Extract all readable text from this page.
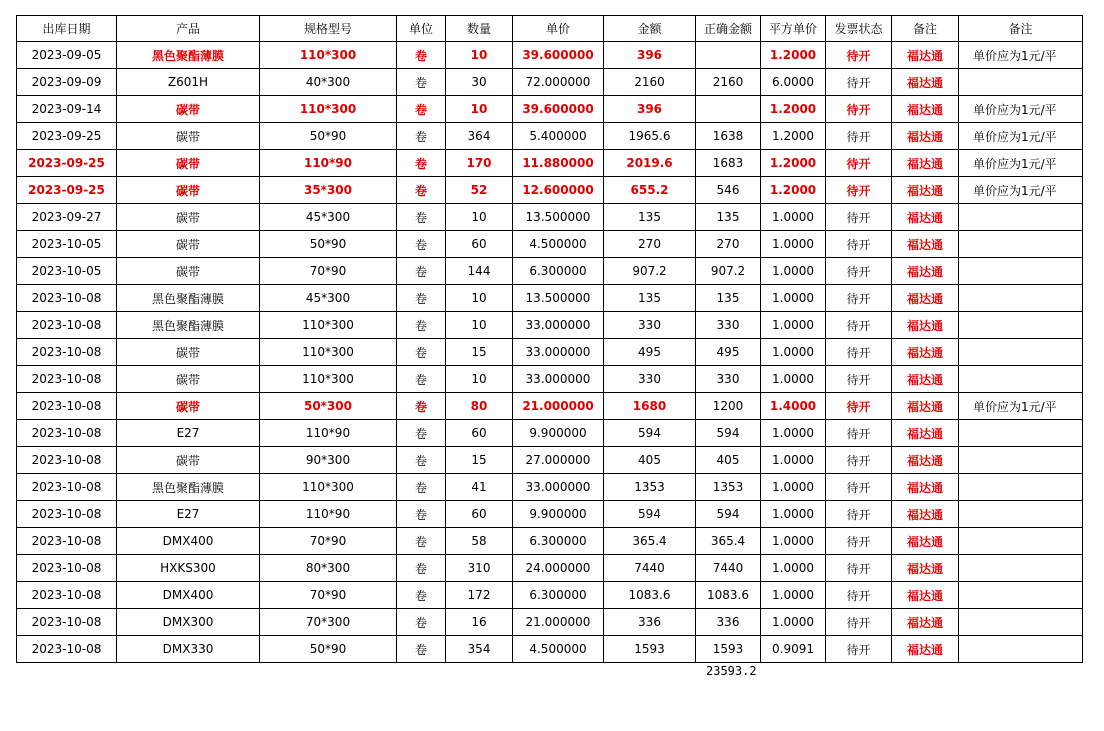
出库日期	产品	规格型号	单位	数量	单价	金额	正确金额	平方单价	发票状态	备注	备注
2023-09-05	黑色聚酯薄膜	110*300	卷	10	39.600000	396		1.2000	待开	福达通	单价应为1元/平
2023-09-09	Z601H	40*300	卷	30	72.000000	2160	2160	6.0000	待开	福达通	
2023-09-14	碳带	110*300	卷	10	39.600000	396		1.2000	待开	福达通	单价应为1元/平
2023-09-25	碳带	50*90	卷	364	5.400000	1965.6	1638	1.2000	待开	福达通	单价应为1元/平
2023-09-25	碳带	110*90	卷	170	11.880000	2019.6	1683	1.2000	待开	福达通	单价应为1元/平
2023-09-25	碳带	35*300	卷	52	12.600000	655.2	546	1.2000	待开	福达通	单价应为1元/平
2023-09-27	碳带	45*300	卷	10	13.500000	135	135	1.0000	待开	福达通	
2023-10-05	碳带	50*90	卷	60	4.500000	270	270	1.0000	待开	福达通	
2023-10-05	碳带	70*90	卷	144	6.300000	907.2	907.2	1.0000	待开	福达通	
2023-10-08	黑色聚酯薄膜	45*300	卷	10	13.500000	135	135	1.0000	待开	福达通	
2023-10-08	黑色聚酯薄膜	110*300	卷	10	33.000000	330	330	1.0000	待开	福达通	
2023-10-08	碳带	110*300	卷	15	33.000000	495	495	1.0000	待开	福达通	
2023-10-08	碳带	110*300	卷	10	33.000000	330	330	1.0000	待开	福达通	
2023-10-08	碳带	50*300	卷	80	21.000000	1680	1200	1.4000	待开	福达通	单价应为1元/平
2023-10-08	E27	110*90	卷	60	9.900000	594	594	1.0000	待开	福达通	
2023-10-08	碳带	90*300	卷	15	27.000000	405	405	1.0000	待开	福达通	
2023-10-08	黑色聚酯薄膜	110*300	卷	41	33.000000	1353	1353	1.0000	待开	福达通	
2023-10-08	E27	110*90	卷	60	9.900000	594	594	1.0000	待开	福达通	
2023-10-08	DMX400	70*90	卷	58	6.300000	365.4	365.4	1.0000	待开	福达通	
2023-10-08	HXKS300	80*300	卷	310	24.000000	7440	7440	1.0000	待开	福达通	
2023-10-08	DMX400	70*90	卷	172	6.300000	1083.6	1083.6	1.0000	待开	福达通	
2023-10-08	DMX300	70*300	卷	16	21.000000	336	336	1.0000	待开	福达通	
2023-10-08	DMX330	50*90	卷	354	4.500000	1593	1593	0.9091	待开	福达通	
23593.2
